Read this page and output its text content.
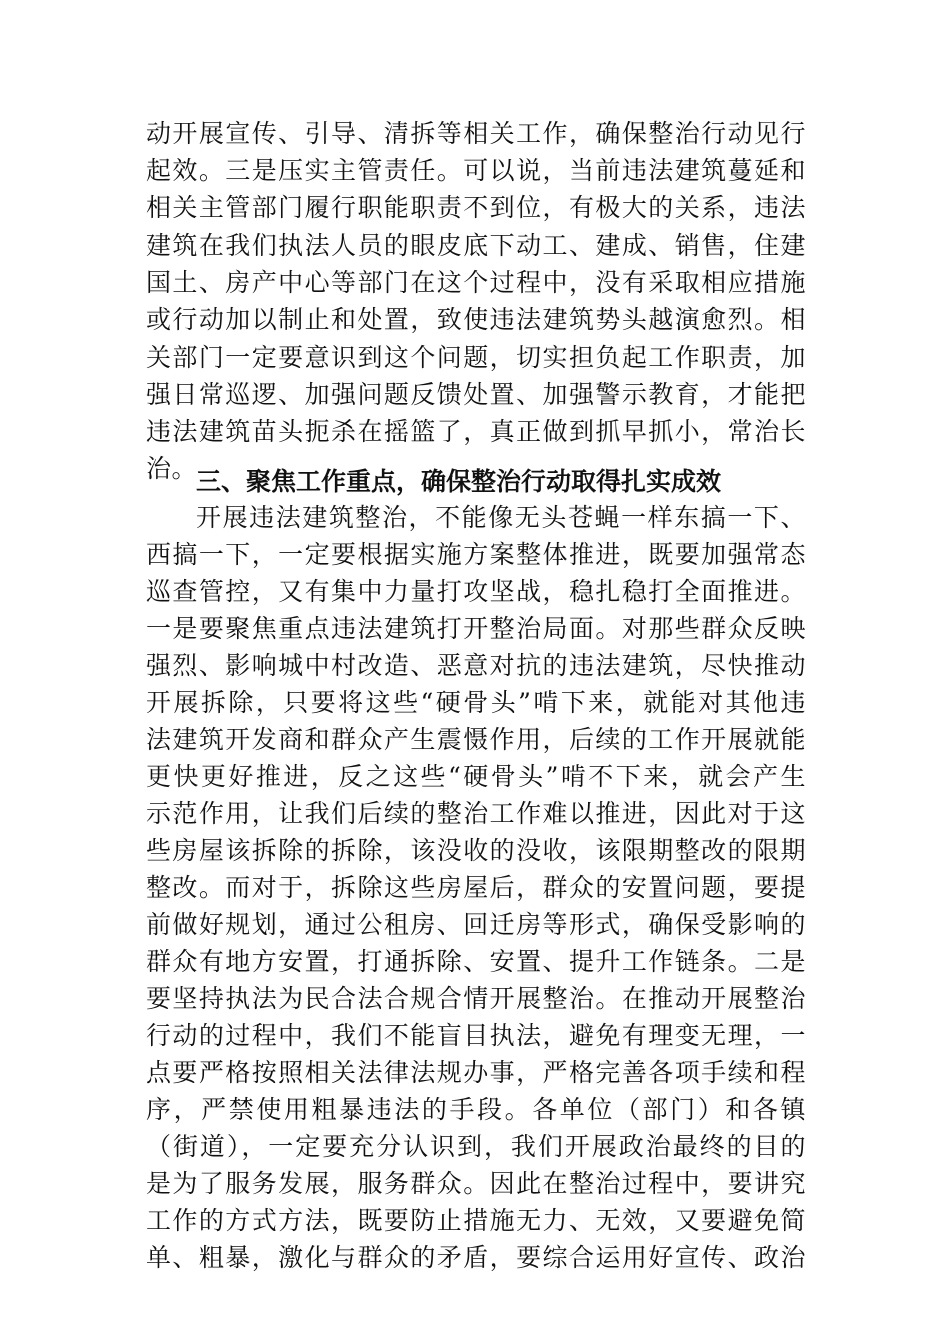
动开展宣传、引导、清拆等相关工作，确保整治行动见行
起效。三是压实主管责任。可以说，当前违法建筑蔓延和
相关主管部门履行职能职责不到位，有极大的关系，违法
建筑在我们执法人员的眼皮底下动工、建成、销售，住建
国土、房产中心等部门在这个过程中，没有采取相应措施
或行动加以制止和处置，致使违法建筑势头越演愈烈。相
关部门一定要意识到这个问题，切实担负起工作职责，加
强日常巡逻、加强问题反馈处置、加强警示教育，才能把
违法建筑苗头扼杀在摇篮了，真正做到抓早抓小，常治长
治。
三、聚焦工作重点，确保整治行动取得扎实成效
开展违法建筑整治，不能像无头苍蝇一样东搞一下、
西搞一下，一定要根据实施方案整体推进，既要加强常态
巡查管控，又有集中力量打攻坚战，稳扎稳打全面推进。
一是要聚焦重点违法建筑打开整治局面。对那些群众反映
强烈、影响城中村改造、恶意对抗的违法建筑，尽快推动
开展拆除，只要将这些“硬骨头”啃下来，就能对其他违
法建筑开发商和群众产生震慑作用，后续的工作开展就能
更快更好推进，反之这些“硬骨头”啃不下来，就会产生
示范作用，让我们后续的整治工作难以推进，因此对于这
些房屋该拆除的拆除，该没收的没收，该限期整改的限期
整改。而对于，拆除这些房屋后，群众的安置问题，要提
前做好规划，通过公租房、回迁房等形式，确保受影响的
群众有地方安置，打通拆除、安置、提升工作链条。二是
要坚持执法为民合法合规合情开展整治。在推动开展整治
行动的过程中，我们不能盲目执法，避免有理变无理，一
点要严格按照相关法律法规办事，严格完善各项手续和程
序，严禁使用粗暴违法的手段。各单位（部门）和各镇
（街道），一定要充分认识到，我们开展政治最终的目的
是为了服务发展，服务群众。因此在整治过程中，要讲究
工作的方式方法，既要防止措施无力、无效，又要避免简
单、粗暴，激化与群众的矛盾，要综合运用好宣传、政治
